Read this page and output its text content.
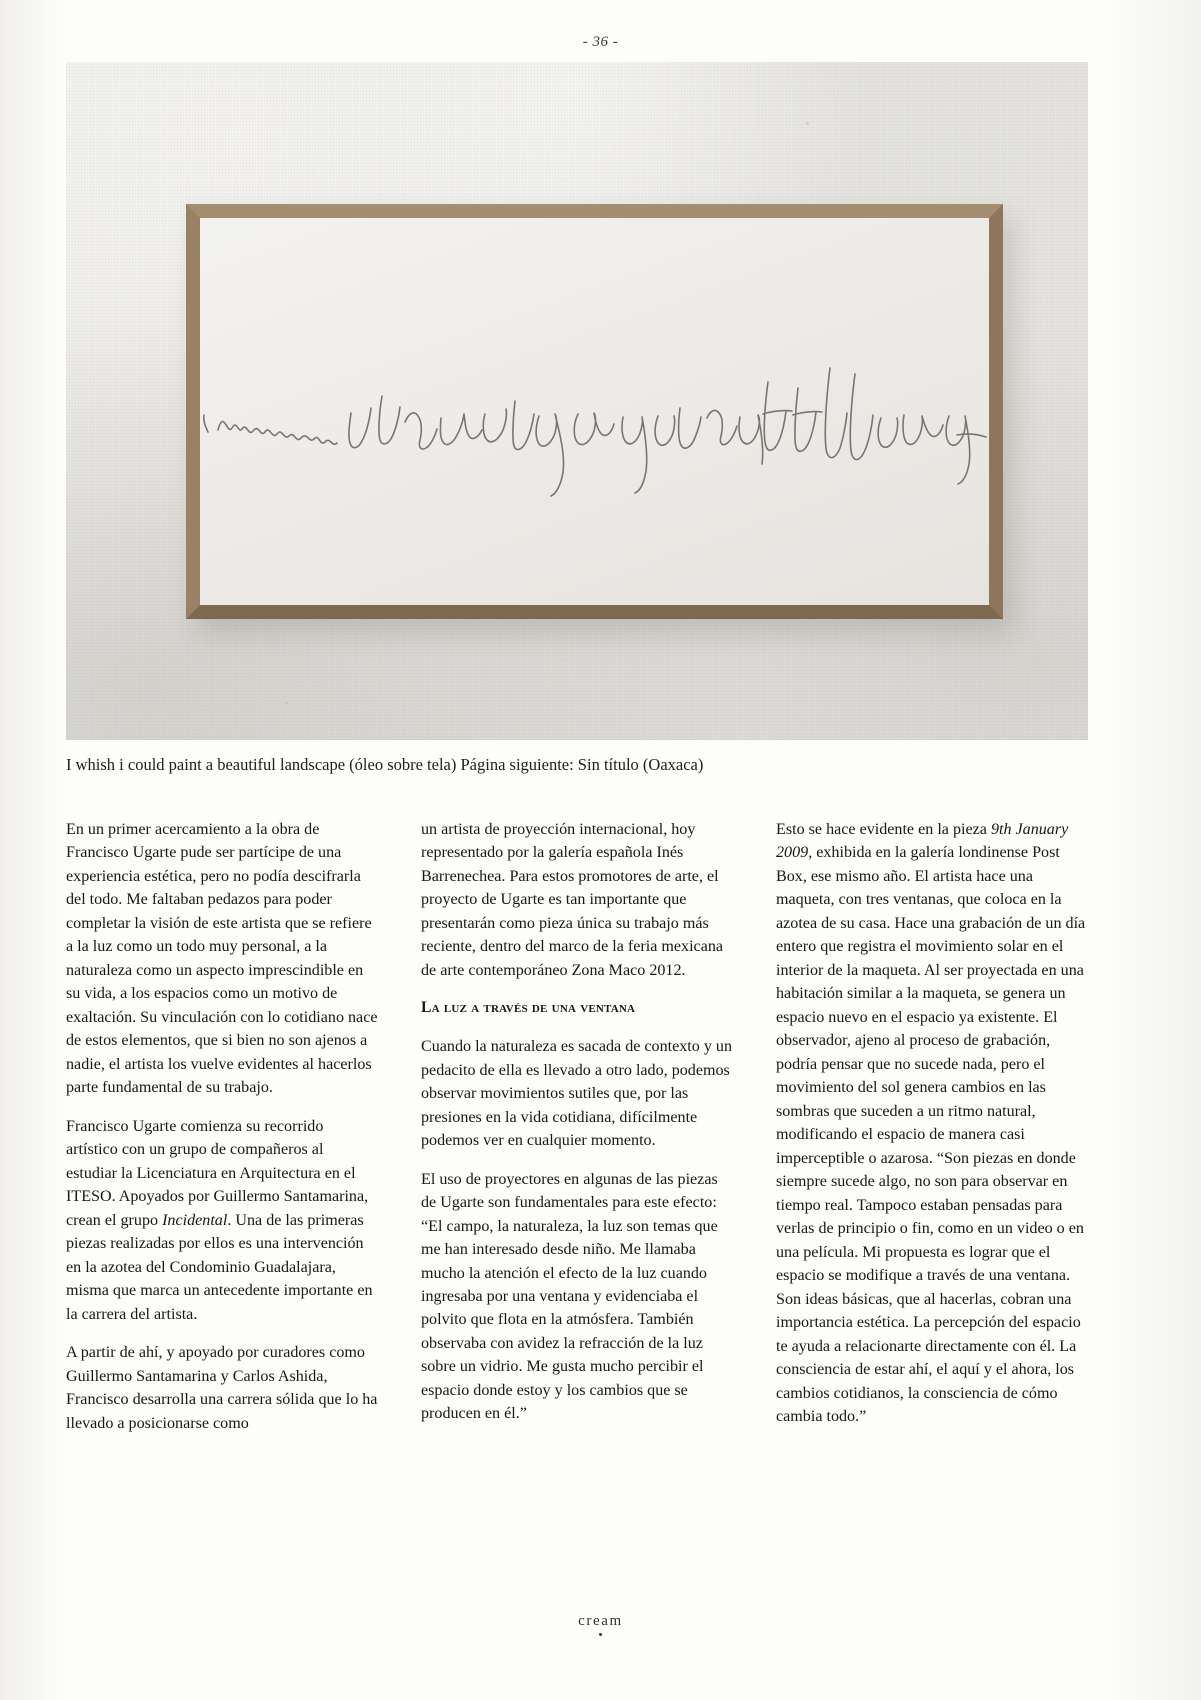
- 36 -
I whish i could paint a beautiful landscape (óleo sobre tela) Página siguiente: Sin título (Oaxaca)

En un primer acercamiento a la obra de Francisco Ugarte pude ser partícipe de una experiencia estética, pero no podía descifrarla del todo. Me faltaban pedazos para poder completar la visión de este artista que se refiere a la luz como un todo muy personal, a la naturaleza como un aspecto imprescindible en su vida, a los espacios como un motivo de exaltación. Su vinculación con lo cotidiano nace de estos elementos, que si bien no son ajenos a nadie, el artista los vuelve evidentes al hacerlos parte fundamental de su trabajo.

Francisco Ugarte comienza su recorrido artístico con un grupo de compañeros al estudiar la Licenciatura en Arquitectura en el ITESO. Apoyados por Guillermo Santamarina, crean el grupo Incidental. Una de las primeras piezas realizadas por ellos es una intervención en la azotea del Condominio Guadalajara, misma que marca un antecedente importante en la carrera del artista.

A partir de ahí, y apoyado por curadores como Guillermo Santamarina y Carlos Ashida, Francisco desarrolla una carrera sólida que lo ha llevado a posicionarse como

un artista de proyección internacional, hoy representado por la galería española Inés Barrenechea. Para estos promotores de arte, el proyecto de Ugarte es tan importante que presentarán como pieza única su trabajo más reciente, dentro del marco de la feria mexicana de arte contemporáneo Zona Maco 2012.

La luz a través de una ventana

Cuando la naturaleza es sacada de contexto y un pedacito de ella es llevado a otro lado, podemos observar movimientos sutiles que, por las presiones en la vida cotidiana, difícilmente podemos ver en cualquier momento.

El uso de proyectores en algunas de las piezas de Ugarte son fundamentales para este efecto: “El campo, la naturaleza, la luz son temas que me han interesado desde niño. Me llamaba mucho la atención el efecto de la luz cuando ingresaba por una ventana y evidenciaba el polvito que flota en la atmósfera. También observaba con avidez la refracción de la luz sobre un vidrio. Me gusta mucho percibir el espacio donde estoy y los cambios que se producen en él.”

Esto se hace evidente en la pieza 9th January 2009, exhibida en la galería londinense Post Box, ese mismo año. El artista hace una maqueta, con tres ventanas, que coloca en la azotea de su casa. Hace una grabación de un día entero que registra el movimiento solar en el interior de la maqueta. Al ser proyectada en una habitación similar a la maqueta, se genera un espacio nuevo en el espacio ya existente. El observador, ajeno al proceso de grabación, podría pensar que no sucede nada, pero el movimiento del sol genera cambios en las sombras que suceden a un ritmo natural, modificando el espacio de manera casi imperceptible o azarosa. “Son piezas en donde siempre sucede algo, no son para observar en tiempo real. Tampoco estaban pensadas para verlas de principio o fin, como en un video o en una película. Mi propuesta es lograr que el espacio se modifique a través de una ventana. Son ideas básicas, que al hacerlas, cobran una importancia estética. La percepción del espacio te ayuda a relacionarte directamente con él. La consciencia de estar ahí, el aquí y el ahora, los cambios cotidianos, la consciencia de cómo cambia todo.”

cream
